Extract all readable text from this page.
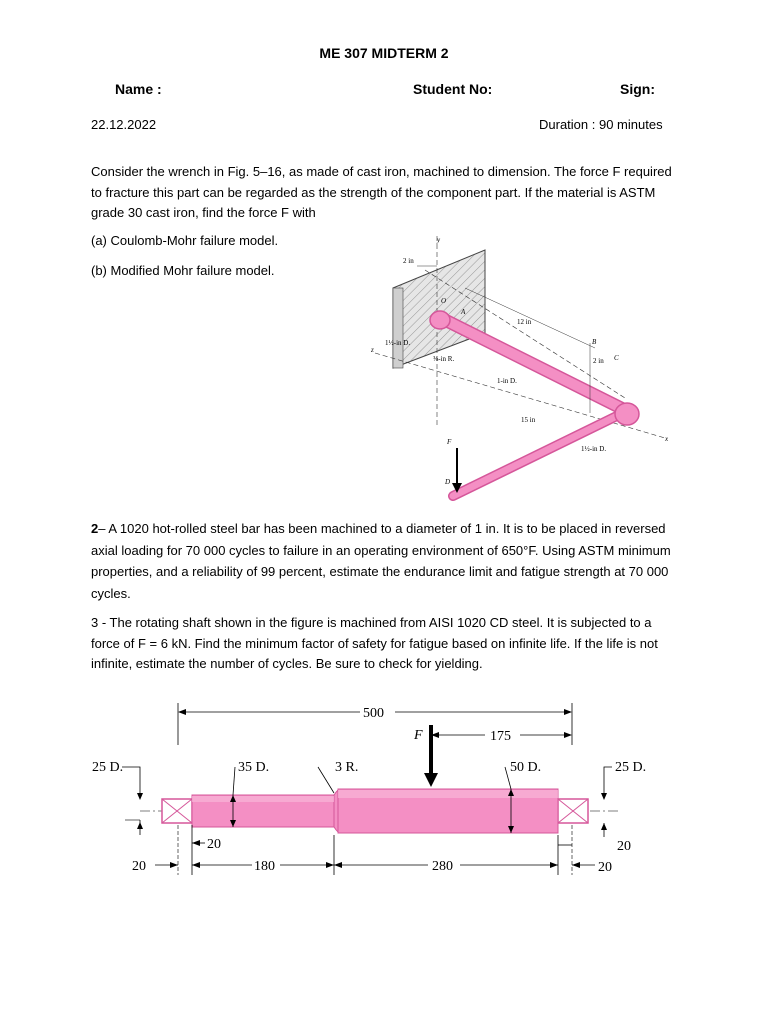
ME 307 MIDTERM 2
Name :	Student No:	Sign:
22.12.2022	Duration : 90 minutes
Consider the wrench in Fig. 5–16, as made of cast iron, machined to dimension. The force F required to fracture this part can be regarded as the strength of the component part. If the material is ASTM grade 30 cast iron, find the force F with
(a) Coulomb-Mohr failure model.
(b) Modified Mohr failure model.
2 in
y
O
A
12 in
z
1½-in D.
⅜-in R.
1-in D.
B
2 in C
15 in
F	x
1½-in D.
D
2– A 1020 hot-rolled steel bar has been machined to a diameter of 1 in. It is to be placed in reversed axial loading for 70 000 cycles to failure in an operating environment of 650°F. Using ASTM minimum properties, and a reliability of 99 percent, estimate the endurance limit and fatigue strength at 70 000 cycles.
3 - The rotating shaft shown in the figure is machined from AISI 1020 CD steel. It is subjected to a force of F = 6 kN. Find the minimum factor of safety for fatigue based on infinite life. If the life is not infinite, estimate the number of cycles. Be sure to check for yielding.
500
F	175
25 D.	35 D.	3 R.	50 D.	25 D.
20
20	180	280
20
20
